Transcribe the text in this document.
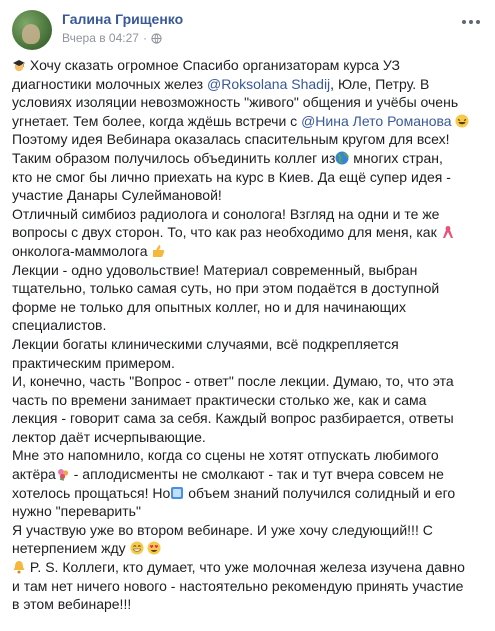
Галина Грищенко
Вчера в 04:27 ·
Хочу сказать огромное Спасибо организаторам курса УЗ
диагностики молочных желез @Roksolana Shadij, Юле, Петру. В
условиях изоляции невозможность "живого" общения и учёбы очень
угнетает. Тем более, когда ждёшь встречи с @Нина Лето Романова
Поэтому идея Вебинара оказалась спасительным кругом для всех!
Таким образом получилось объединить коллег из многих стран,
кто не смог бы лично приехать на курс в Киев. Да ещё супер идея -
участие Данары Сулеймановой!
Отличный симбиоз радиолога и сонолога! Взгляд на одни и те же
вопросы с двух сторон. То, что как раз необходимо для меня, как
онколога-маммолога
Лекции - одно удовольствие! Материал современный, выбран
тщательно, только самая суть, но при этом подаётся в доступной
форме не только для опытных коллег, но и для начинающих
специалистов.
Лекции богаты клиническими случаями, всё подкрепляется
практическим примером.
И, конечно, часть "Вопрос - ответ" после лекции. Думаю, то, что эта
часть по времени занимает практически столько же, как и сама
лекция - говорит сама за себя. Каждый вопрос разбирается, ответы
лектор даёт исчерпывающие.
Мне это напомнило, когда со сцены не хотят отпускать любимого
актёра - аплодисменты не смолкают - так и тут вчера совсем не
хотелось прощаться! Но объем знаний получился солидный и его
нужно "переварить"
Я участвую уже во втором вебинаре. И уже хочу следующий!!! С
нетерпением жду
P. S. Коллеги, кто думает, что уже молочная железа изучена давно
и там нет ничего нового - настоятельно рекомендую принять участие
в этом вебинаре!!!
